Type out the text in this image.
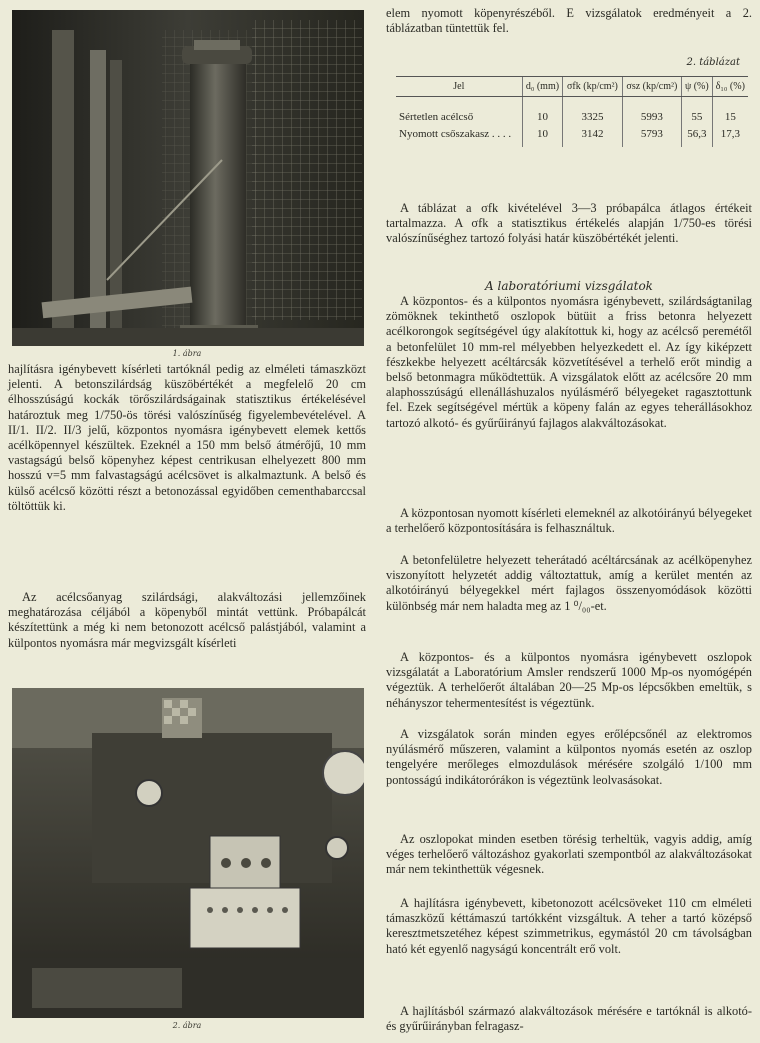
1. ábra

hajlításra igénybevett kísérleti tartóknál pedig az elméleti támaszközt jelenti. A betonszilárdság küszöbértékét a megfelelő 20 cm élhosszúságú kockák törőszilárdságainak statisztikus értékelésével határoztuk meg 1/750-ös törési valószínűség figyelembevételével. A II/1. II/2. II/3 jelű, központos nyomásra igénybevett elemek kettős acélköpennyel készültek. Ezeknél a 150 mm belső átmérőjű, 10 mm vastagságú belső köpenyhez képest centrikusan elhelyezett 800 mm hosszú v=5 mm falvastagságú acélcsövet is alkalmaztunk. A belső és külső acélcső közötti részt a betonozással egyidőben cementhabarccsal töltöttük ki.

Az acélcsőanyag szilárdsági, alakváltozási jellemzőinek meghatározása céljából a köpenyből mintát vettünk. Próbapálcát készítettünk a még ki nem betonozott acélcső palástjából, valamint a külpontos nyomásra már megvizsgált kísérleti

2. ábra

elem nyomott köpenyrészéből. E vizsgálatok eredményeit a 2. táblázatban tüntettük fel.

2. táblázat
Jel	d₀ (mm)	σfk (kp/cm²)	σsz (kp/cm²)	ψ (%)	δ₁₀ (%)
Sértetlen acélcső	10	3325	5993	55	15
Nyomott csőszakasz . . . .	10	3142	5793	56,3	17,3

A táblázat a σfk kivételével 3—3 próbapálca átlagos értékeit tartalmazza. A σfk a statisztikus értékelés alapján 1/750-es törési valószínűséghez tartozó folyási határ küszöbértékét jelenti.

A laboratóriumi vizsgálatok

A központos- és a külpontos nyomásra igénybevett, szilárdságtanilag zömöknek tekinthető oszlopok bütüit a friss betonra helyezett acélkorongok segítségével úgy alakítottuk ki, hogy az acélcső peremétől a betonfelület 10 mm-rel mélyebben helyezkedett el. Az így kiképzett fészkekbe helyezett acéltárcsák közvetítésével a terhelő erőt mindig a belső betonmagra működtettük. A vizsgálatok előtt az acélcsőre 20 mm alaphosszúságú ellenálláshuzalos nyúlásmérő bélyegeket ragasztottunk fel. Ezek segítségével mértük a köpeny falán az egyes teherállásokhoz tartozó alkotó- és gyűrűirányú fajlagos alakváltozásokat.

A központosan nyomott kísérleti elemeknél az alkotóirányú bélyegeket a terhelőerő központosítására is felhasználtuk.

A betonfelületre helyezett teherátadó acéltárcsának az acélköpenyhez viszonyított helyzetét addig változtattuk, amíg a kerület mentén az alkotóirányú bélyegekkel mért fajlagos összenyomódások közötti különbség már nem haladta meg az 1 ⁰/₀₀-et.

A központos- és a külpontos nyomásra igénybevett oszlopok vizsgálatát a Laboratórium Amsler rendszerű 1000 Mp-os nyomógépén végeztük. A terhelőerőt általában 20—25 Mp-os lépcsőkben emeltük, s néhányszor tehermentesítést is végeztünk.

A vizsgálatok során minden egyes erőlépcsőnél az elektromos nyúlásmérő műszeren, valamint a külpontos nyomás esetén az oszlop tengelyére merőleges elmozdulások mérésére szolgáló 1/100 mm pontosságú indikátorórákon is végeztünk leolvasásokat.

Az oszlopokat minden esetben törésig terheltük, vagyis addig, amíg véges terhelőerő változáshoz gyakorlati szempontból az alakváltozásokat már nem tekinthettük végesnek.

A hajlításra igénybevett, kibetonozott acélcsöveket 110 cm elméleti támaszközű kéttámaszú tartókként vizsgáltuk. A teher a tartó középső keresztmetszetéhez képest szimmetrikus, egymástól 20 cm távolságban ható két egyenlő nagyságú koncentrált erő volt.

A hajlításból származó alakváltozások mérésére e tartóknál is alkotó- és gyűrűirányban felragasz-
